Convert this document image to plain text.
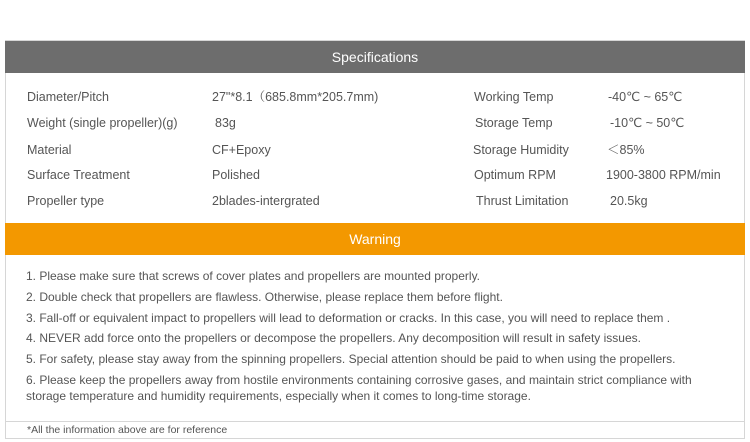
Specifications
Diameter/Pitch	27"*8.1（685.8mm*205.7mm)	Working Temp	-40℃ ~ 65℃
Weight (single propeller)(g)	83g	Storage Temp	-10℃ ~ 50℃
Material	CF+Epoxy	Storage Humidity	＜85%
Surface Treatment	Polished	Optimum RPM	1900-3800 RPM/min
Propeller type	2blades-intergrated	Thrust Limitation	20.5kg
Warning

1. Please make sure that screws of cover plates and propellers are mounted properly.

2. Double check that propellers are flawless. Otherwise, please replace them before flight.

3. Fall-off or equivalent impact to propellers will lead to deformation or cracks. In this case, you will need to replace them .

4. NEVER add force onto the propellers or decompose the propellers. Any decomposition will result in safety issues.

5. For safety, please stay away from the spinning propellers. Special attention should be paid to when using the propellers.

6. Please keep the propellers away from hostile environments containing corrosive gases, and maintain strict compliance with storage temperature and humidity requirements, especially when it comes to long-time storage.

*All the information above are for reference
